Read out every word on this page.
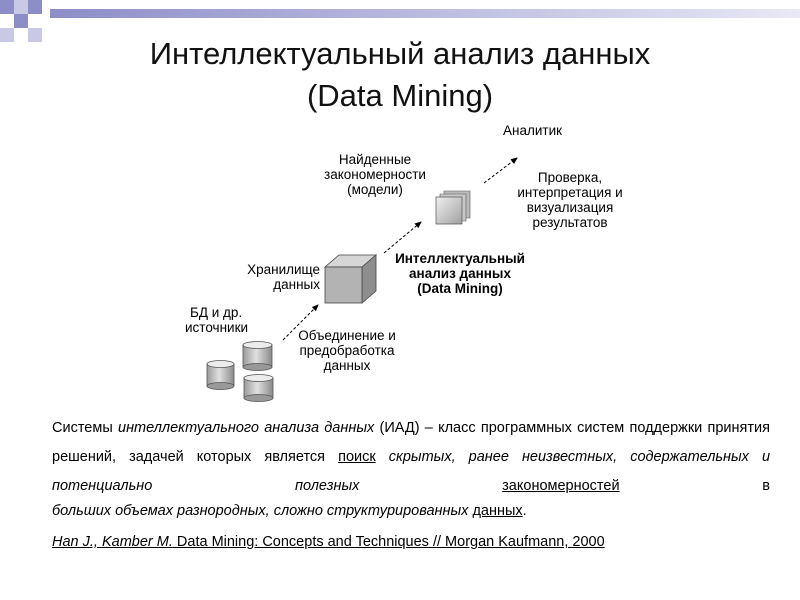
Интеллектуальный анализ данных
(Data Mining)
Аналитик
Найденные
закономерности
(модели)
Проверка,
интерпретация и
визуализация
результатов
Хранилище
данных
Интеллектуальный
анализ данных
(Data Mining)
БД и др.
источники
Объединение и
предобработка
данных
Системы интеллектуального анализа данных (ИАД) – класс программных систем поддержки принятия решений, задачей которых является поиск скрытых, ранее неизвестных, содержательных и потенциально полезных	закономерностей	в
больших объемах разнородных, сложно структурированных данных.
Han J., Kamber M. Data Mining: Concepts and Techniques // Morgan Kaufmann, 2000
